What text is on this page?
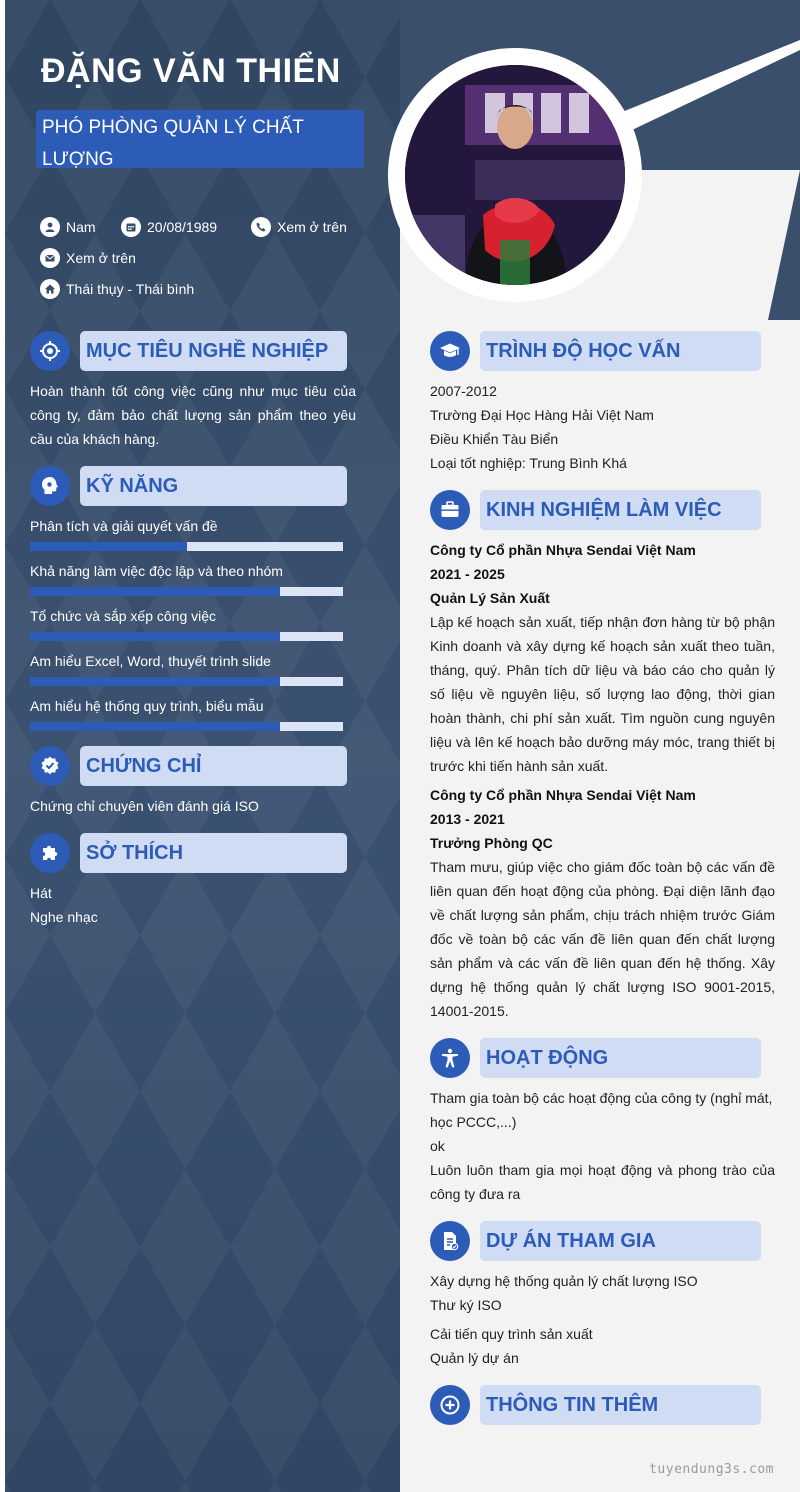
ĐẶNG VĂN THIỂN
PHÓ PHÒNG QUẢN LÝ CHẤT LƯỢNG
Nam	20/08/1989	Xem ở trên
Xem ở trên
Thái thụy - Thái bình
MỤC TIÊU NGHỀ NGHIỆP
Hoàn thành tốt công việc cũng như mục tiêu của công ty, đảm bảo chất lượng sản phẩm theo yêu cầu của khách hàng.
KỸ NĂNG
Phân tích và giải quyết vấn đề
Khả năng làm việc độc lập và theo nhóm
Tổ chức và sắp xếp công việc
Am hiểu Excel, Word, thuyết trình slide
Am hiểu hệ thống quy trình, biểu mẫu
CHỨNG CHỈ
Chứng chỉ chuyên viên đánh giá ISO
SỞ THÍCH
Hát
Nghe nhạc
TRÌNH ĐỘ HỌC VẤN
2007-2012
Trường Đại Học Hàng Hải Việt Nam
Điều Khiển Tàu Biển
Loại tốt nghiệp: Trung Bình Khá
KINH NGHIỆM LÀM VIỆC
Công ty Cổ phần Nhựa Sendai Việt Nam
2021 - 2025
Quản Lý Sản Xuất
Lập kế hoạch sản xuất, tiếp nhận đơn hàng từ bộ phận Kinh doanh và xây dựng kế hoạch sản xuất theo tuần, tháng, quý. Phân tích dữ liệu và báo cáo cho quản lý số liệu về nguyên liệu, số lượng lao động, thời gian hoàn thành, chi phí sản xuất. Tìm nguồn cung nguyên liệu và lên kế hoạch bảo dưỡng máy móc, trang thiết bị trước khi tiến hành sản xuất.
Công ty Cổ phần Nhựa Sendai Việt Nam
2013 - 2021
Trưởng Phòng QC
Tham mưu, giúp việc cho giám đốc toàn bộ các vấn đề liên quan đến hoạt động của phòng. Đại diện lãnh đạo về chất lượng sản phẩm, chịu trách nhiệm trước Giám đốc về toàn bộ các vấn đề liên quan đến chất lượng sản phẩm và các vấn đề liên quan đến hệ thống. Xây dựng hệ thống quản lý chất lượng ISO 9001-2015, 14001-2015.
HOẠT ĐỘNG
Tham gia toàn bộ các hoạt động của công ty (nghỉ mát, học PCCC,...)
ok
Luôn luôn tham gia mọi hoạt động và phong trào của công ty đưa ra
DỰ ÁN THAM GIA
Xây dựng hệ thống quản lý chất lượng ISO
Thư ký ISO
Cải tiến quy trình sản xuất
Quản lý dự án
THÔNG TIN THÊM
tuyendung3s.com
